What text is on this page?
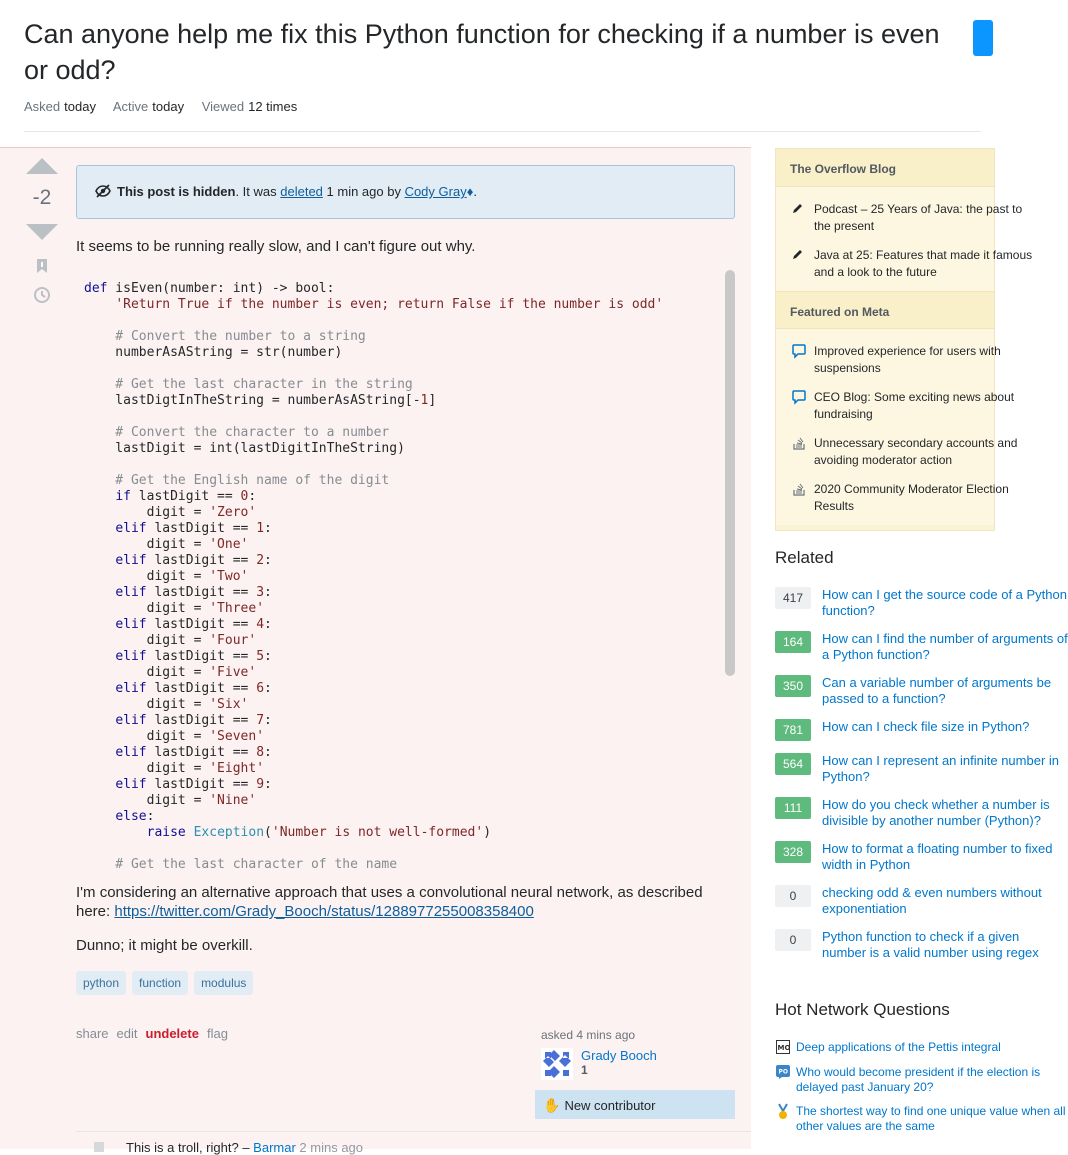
Can anyone help me fix this Python function for checking if a number is even or odd?
Asked today Active today Viewed 12 times
-2	This post is hidden. It was deleted 1 min ago by Cody Gray♦.

It seems to be running really slow, and I can't figure out why.

def isEven(number: int) -> bool:
'Return True if the number is even; return False if the number is odd'

# Convert the number to a string
numberAsAString = str(number)

# Get the last character in the string
lastDigtInTheString = numberAsAString[-1]

# Convert the character to a number
lastDigit = int(lastDigitInTheString)

# Get the English name of the digit
if lastDigit == 0:
digit = 'Zero'
elif lastDigit == 1:
digit = 'One'
elif lastDigit == 2:
digit = 'Two'
elif lastDigit == 3:
digit = 'Three'
elif lastDigit == 4:
digit = 'Four'
elif lastDigit == 5:
digit = 'Five'
elif lastDigit == 6:
digit = 'Six'
elif lastDigit == 7:
digit = 'Seven'
elif lastDigit == 8:
digit = 'Eight'
elif lastDigit == 9:
digit = 'Nine'
else:
raise Exception('Number is not well-formed')

# Get the last character of the name

I'm considering an alternative approach that uses a convolutional neural network, as described here: https://twitter.com/Grady_Booch/status/1288977255008358400

Dunno; it might be overkill.

python	function	modulus
share edit undelete flag	asked 4 mins ago
Grady Booch
1
✋ New contributor
This is a troll, right? – Barmar 2 mins ago
The Overflow Blog
Podcast – 25 Years of Java: the past to
the present
Java at 25: Features that made it famous
and a look to the future
Featured on Meta
Improved experience for users with
suspensions
CEO Blog: Some exciting news about
fundraising
Unnecessary secondary accounts and
avoiding moderator action
2020 Community Moderator Election
Results
Related
417	How can I get the source code of a Python
function?
164	How can I find the number of arguments of
a Python function?
350	Can a variable number of arguments be
passed to a function?
781	How can I check file size in Python?
564	How can I represent an infinite number in
Python?
111	How do you check whether a number is
divisible by another number (Python)?
328	How to format a floating number to fixed
width in Python
0	checking odd & even numbers without
exponentiation
0	Python function to check if a given
number is a valid number using regex
Hot Network Questions
MO Deep applications of the Pettis integral
PO Who would become president if the election is
delayed past January 20?
The shortest way to find one unique value when all
other values are the same
